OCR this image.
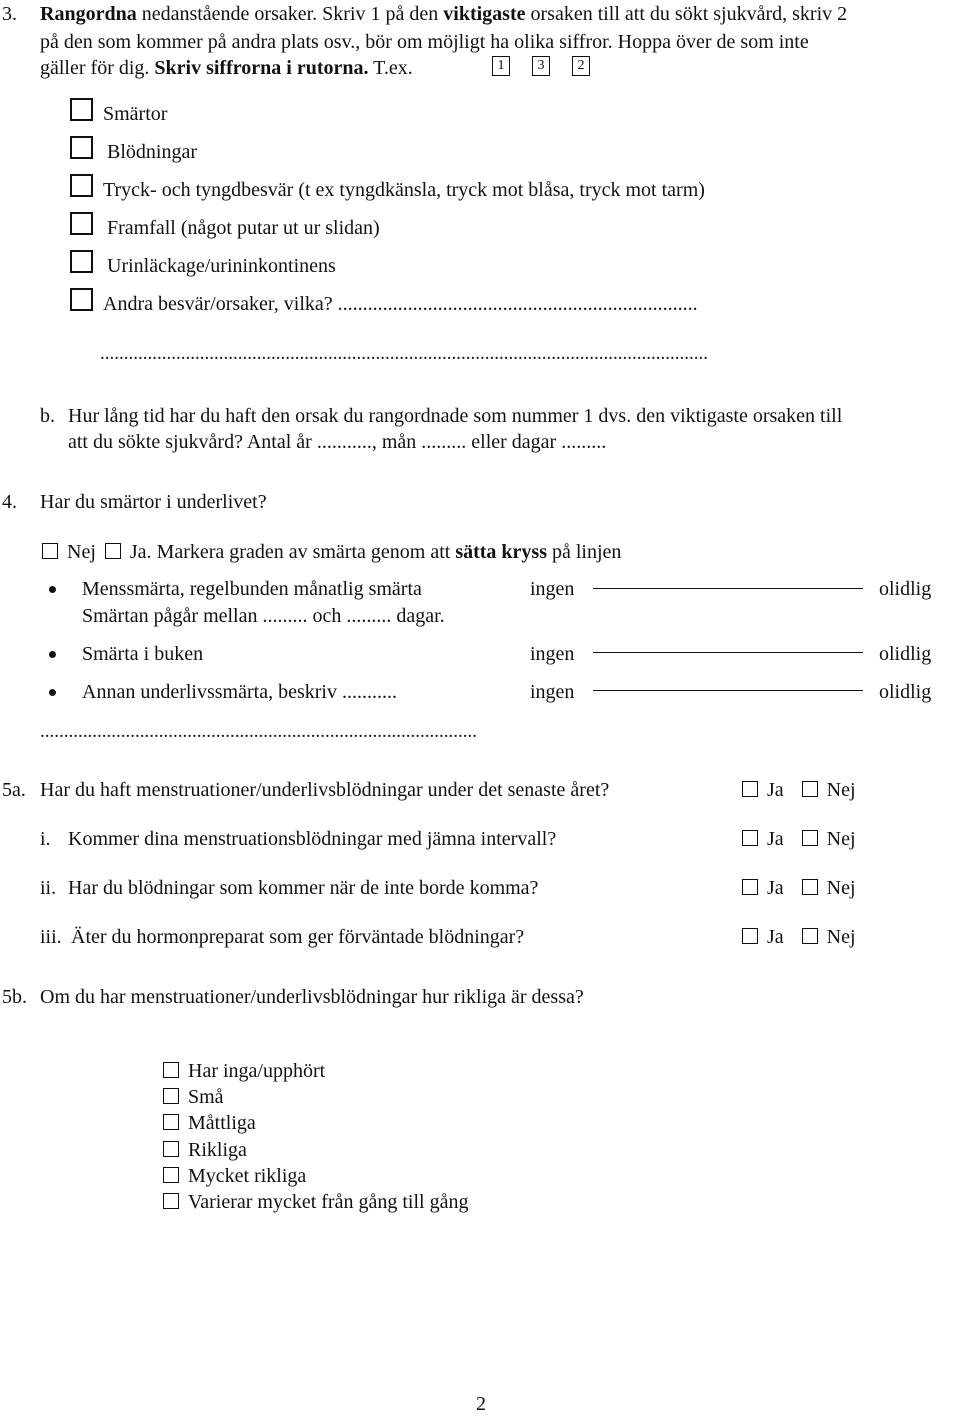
3. Rangordna nedanstående orsaker. Skriv 1 på den viktigaste orsaken till att du sökt sjukvård, skriv 2
på den som kommer på andra plats osv., bör om möjligt ha olika siffror. Hoppa över de som inte
gäller för dig. Skriv siffrorna i rutorna. T.ex.	1	3	2
Smärtor
Blödningar
Tryck- och tyngdbesvär (t ex tyngdkänsla, tryck mot blåsa, tryck mot tarm)
Framfall (något putar ut ur slidan)
Urinläckage/urininkontinens
Andra besvär/orsaker, vilka? ........................................................................
................................................................................................................................
b. Hur lång tid har du haft den orsak du rangordnade som nummer 1 dvs. den viktigaste orsaken till
att du sökte sjukvård? Antal år ..........., mån ......... eller dagar .........
4. Har du smärtor i underlivet?
Nej Ja. Markera graden av smärta genom att sätta kryss på linjen
Menssmärta, regelbunden månatlig smärta	ingen	olidlig
Smärtan pågår mellan ......... och ......... dagar.
Smärta i buken	ingen	olidlig
Annan underlivssmärta, beskriv ...........	ingen	olidlig
............................................................................................
5a. Har du haft menstruationer/underlivsblödningar under det senaste året?	Ja Nej
i. Kommer dina menstruationsblödningar med jämna intervall?	Ja Nej
ii. Har du blödningar som kommer när de inte borde komma?	Ja Nej
iii. Äter du hormonpreparat som ger förväntade blödningar?	Ja Nej
5b. Om du har menstruationer/underlivsblödningar hur rikliga är dessa?
Har inga/upphört
Små
Måttliga
Rikliga
Mycket rikliga
Varierar mycket från gång till gång
2
